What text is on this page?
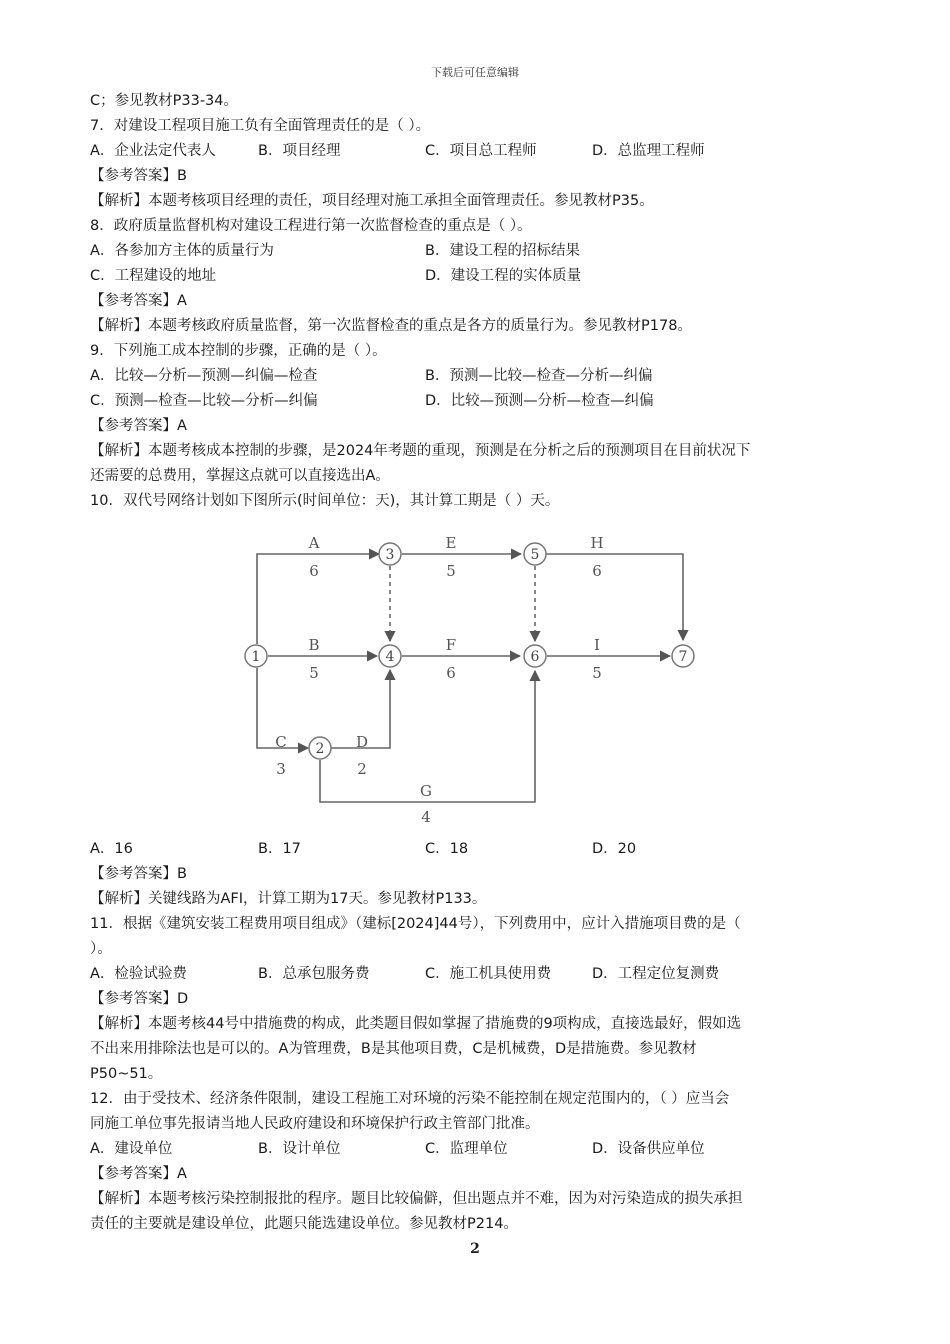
下载后可任意编辑
C；参见教材P33-34。
7．对建设工程项目施工负有全面管理责任的是（ ）。
A．企业法定代表人	B．项目经理	C．项目总工程师	D．总监理工程师
【参考答案】B
【解析】本题考核项目经理的责任，项目经理对施工承担全面管理责任。参见教材P35。
8．政府质量监督机构对建设工程进行第一次监督检查的重点是（ ）。
A．各参加方主体的质量行为	B．建设工程的招标结果
C．工程建设的地址	D．建设工程的实体质量
【参考答案】A
【解析】本题考核政府质量监督，第一次监督检查的重点是各方的质量行为。参见教材P178。
9．下列施工成本控制的步骤，正确的是（ ）。
A．比较—分析—预测—纠偏—检查	B．预测—比较—检查—分析—纠偏
C．预测—检查—比较—分析—纠偏	D．比较—预测—分析—检查—纠偏
【参考答案】A
【解析】本题考核成本控制的步骤，是2024年考题的重现，预测是在分析之后的预测项目在目前状况下
还需要的总费用，掌握这点就可以直接选出A。
10．双代号网络计划如下图所示(时间单位：天)，其计算工期是（ ）天。
1
2
3
4
5
6	7
A
6
E
5
H
6
B
5
F
6
I
5
C
3
D
2
G
4
A．16	B．17	C．18	D．20
【参考答案】B
【解析】关键线路为AFI，计算工期为17天。参见教材P133。
11．根据《建筑安装工程费用项目组成》（建标[2024]44号），下列费用中，应计入措施项目费的是（
）。
A．检验试验费	B．总承包服务费	C．施工机具使用费	D．工程定位复测费
【参考答案】D
【解析】本题考核44号中措施费的构成，此类题目假如掌握了措施费的9项构成，直接选最好，假如选
不出来用排除法也是可以的。A为管理费，B是其他项目费，C是机械费，D是措施费。参见教材
P50~51。
12．由于受技术、经济条件限制，建设工程施工对环境的污染不能控制在规定范围内的，（ ）应当会
同施工单位事先报请当地人民政府建设和环境保护行政主管部门批准。
A．建设单位	B．设计单位	C．监理单位	D．设备供应单位
【参考答案】A
【解析】本题考核污染控制报批的程序。题目比较偏僻，但出题点并不难，因为对污染造成的损失承担
责任的主要就是建设单位，此题只能选建设单位。参见教材P214。
2
